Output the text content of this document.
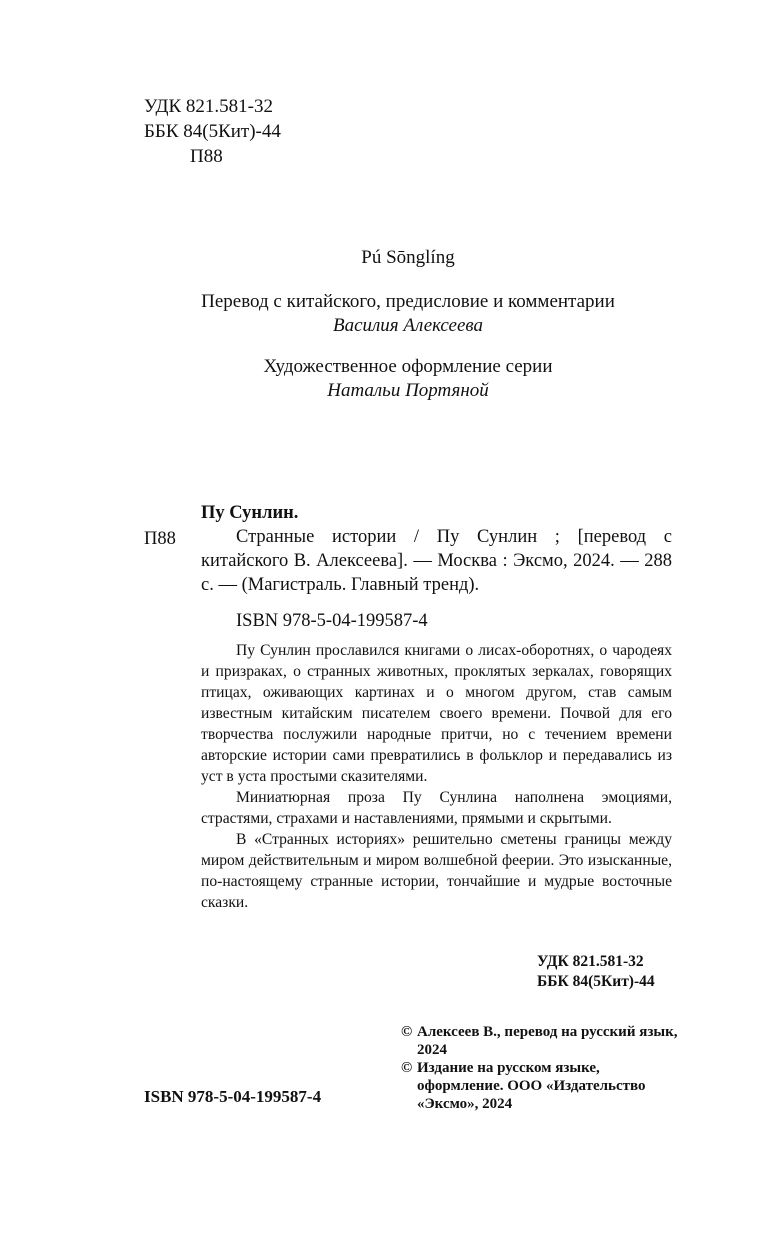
УДК 821.581-32
ББК 84(5Кит)-44
П88
Pú Sōnglíng
Перевод с китайского, предисловие и комментарии
Василия Алексеева
Художественное оформление серии
Натальи Портяной
П88
Пу Сунлин.
Странные истории / Пу Сунлин ; [перевод с китайского В. Алексеева]. — Москва : Эксмо, 2024. — 288 с. — (Магистраль. Главный тренд).
ISBN 978-5-04-199587-4

Пу Сунлин прославился книгами о лисах-оборотнях, о чародеях и призраках, о странных животных, проклятых зеркалах, говорящих птицах, оживающих картинах и о многом другом, став самым известным китайским писателем своего времени. Почвой для его творчества послужили народные притчи, но с течением времени авторские истории сами превратились в фольклор и передавались из уст в уста простыми сказителями.

Миниатюрная проза Пу Сунлина наполнена эмоциями, страстями, страхами и наставлениями, прямыми и скрытыми.

В «Странных историях» решительно сметены границы между миром действительным и миром волшебной феерии. Это изысканные, по-настоящему странные истории, тончайшие и мудрые восточные сказки.

УДК 821.581-32
ББК 84(5Кит)-44
ISBN 978-5-04-199587-4
© Алексеев В., перевод на русский язык, 2024
© Издание на русском языке, оформление. ООО «Издательство «Эксмо», 2024
